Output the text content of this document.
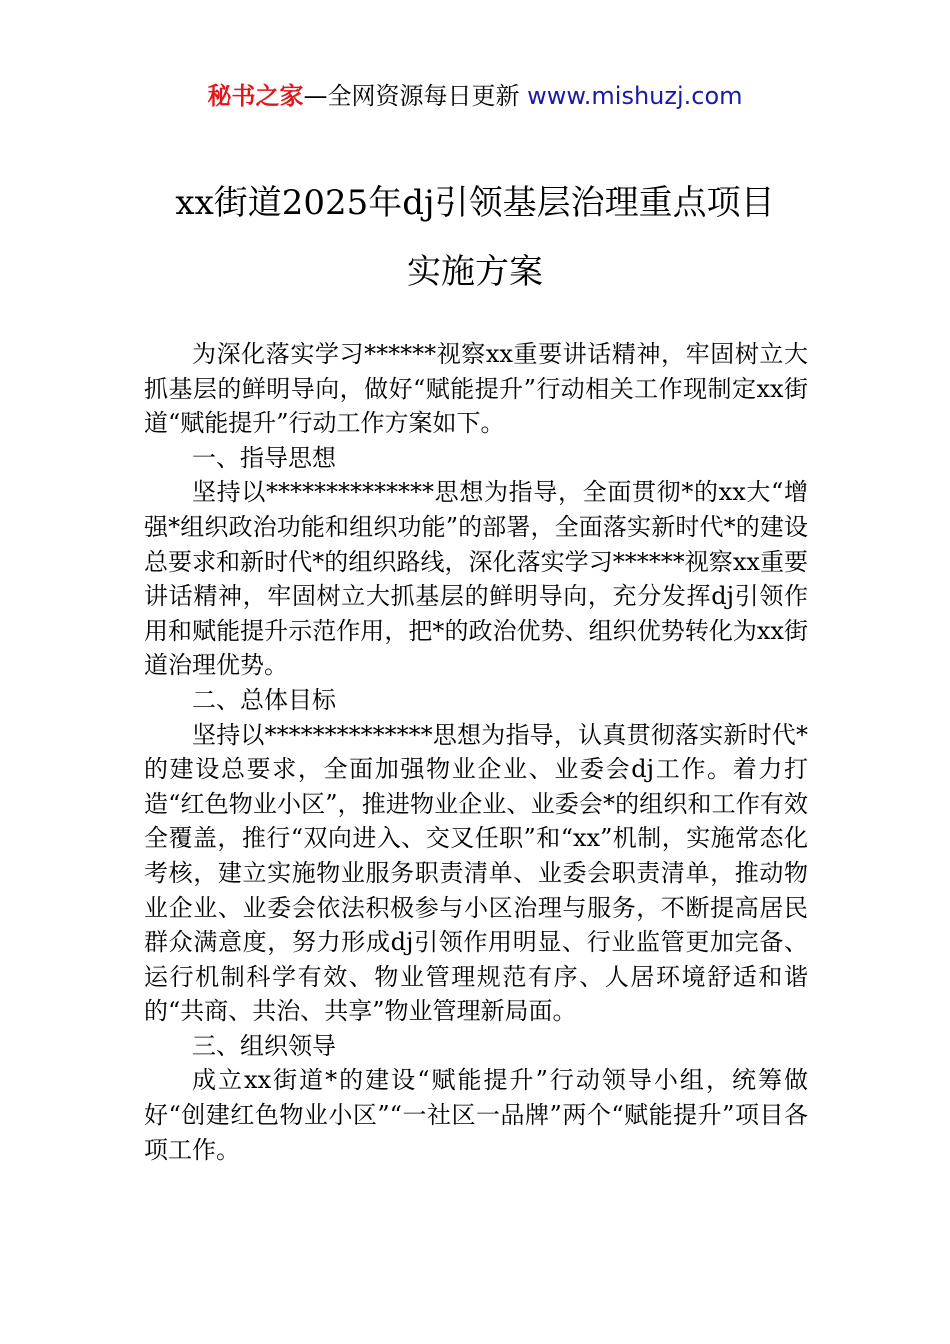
秘书之家—全网资源每日更新 www.mishuzj.com
xx街道2025年dj引领基层治理重点项目
实施方案

为深化落实学习******视察xx重要讲话精神，牢固树立大抓基层的鲜明导向，做好“赋能提升”行动相关工作现制定xx街道“赋能提升”行动工作方案如下。

一、指导思想

坚持以**************思想为指导，全面贯彻*的xx大“增强*组织政治功能和组织功能”的部署，全面落实新时代*的建设总要求和新时代*的组织路线，深化落实学习******视察xx重要讲话精神，牢固树立大抓基层的鲜明导向，充分发挥dj引领作用和赋能提升示范作用，把*的政治优势、组织优势转化为xx街道治理优势。

二、总体目标

坚持以**************思想为指导，认真贯彻落实新时代*的建设总要求，全面加强物业企业、业委会dj工作。着力打造“红色物业小区”，推进物业企业、业委会*的组织和工作有效全覆盖，推行“双向进入、交叉任职”和“xx”机制，实施常态化考核，建立实施物业服务职责清单、业委会职责清单，推动物业企业、业委会依法积极参与小区治理与服务，不断提高居民群众满意度，努力形成dj引领作用明显、行业监管更加完备、运行机制科学有效、物业管理规范有序、人居环境舒适和谐的“共商、共治、共享”物业管理新局面。

三、组织领导

成立xx街道*的建设“赋能提升”行动领导小组，统筹做好“创建红色物业小区”“一社区一品牌”两个“赋能提升”项目各项工作。
